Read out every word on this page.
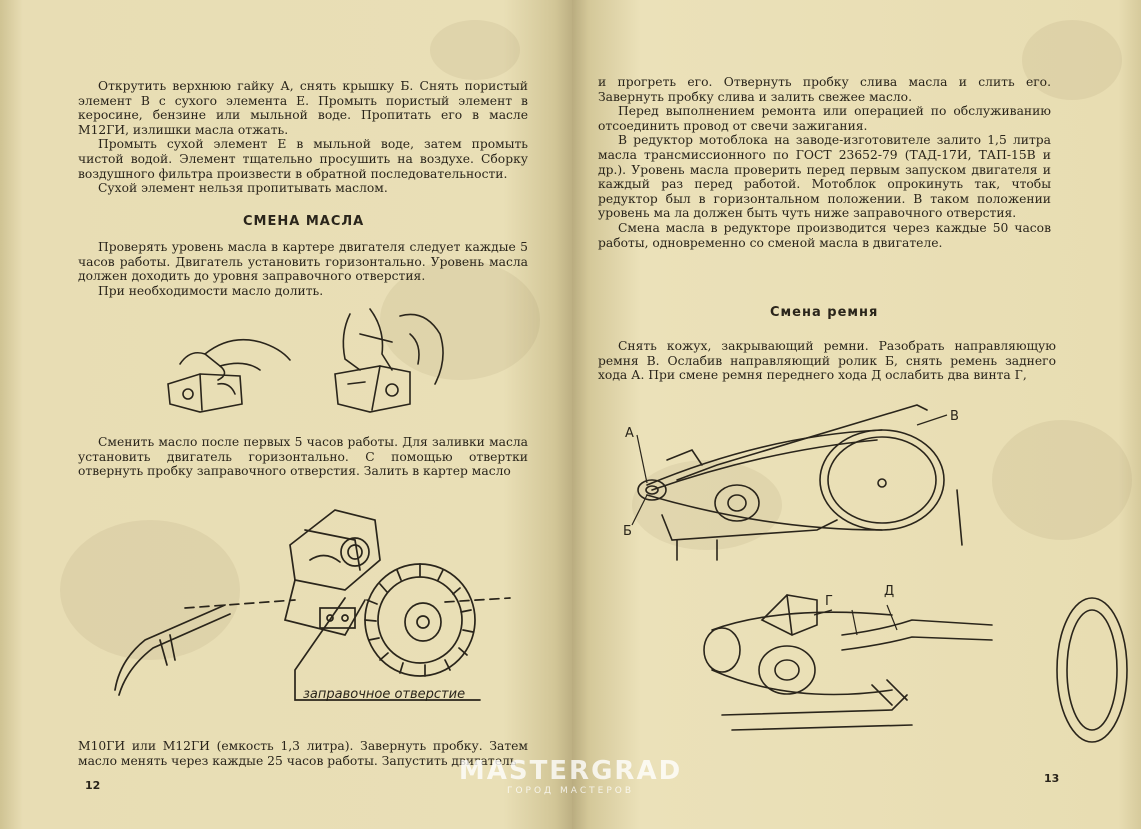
Открутить верхнюю гайку А, снять крышку Б. Снять пористый элемент В с сухого элемента Е. Промыть пористый элемент в керосине, бензине или мыльной воде. Пропитать его в масле М12ГИ, излишки масла отжать.

Промыть сухой элемент Е в мыльной воде, затем промыть чистой водой. Элемент тщательно просушить на воздухе. Сборку воздушного фильтра произвести в обратной последовательности.

Сухой элемент нельзя пропитывать маслом.

СМЕНА МАСЛА

Проверять уровень масла в картере двигателя следует каждые 5 часов работы. Двигатель установить горизонтально. Уровень масла должен доходить до уровня заправочного отверстия.

При необходимости масло долить.

Сменить масло после первых 5 часов работы. Для заливки масла установить двигатель горизонтально. С помощью отвертки отвернуть пробку заправочного отверстия. Залить в картер масло

заправочное отверстие

М10ГИ или М12ГИ (емкость 1,3 литра). Завернуть пробку. Затем масло менять через каждые 25 часов работы. Запустить двигатель

12

и прогреть его. Отвернуть пробку слива масла и слить его. Завернуть пробку слива и залить свежее масло.

Перед выполнением ремонта или операцией по обслуживанию отсоединить провод от свечи зажигания.

В редуктор мотоблока на заводе-изготовителе залито 1,5 литра масла трансмиссионного по ГОСТ 23652-79 (ТАД-17И, ТАП-15В и др.). Уровень масла проверить перед первым запуском двигателя и каждый раз перед работой. Мотоблок опрокинуть так, чтобы редуктор был в горизонтальном положении. В таком положении уровень ма ла должен быть чуть ниже заправочного отверстия.

Смена масла в редукторе производится через каждые 50 часов работы, одновременно со сменой масла в двигателе.

Смена ремня

Снять кожух, закрывающий ремни. Разобрать направляющую ремня В. Ослабив направляющий ролик Б, снять ремень заднего хода А. При смене ремня переднего хода Д ослабить два винта Г,

А
Б
В
Г
Д
13
MASTERGRAD
ГОРОД МАСТЕРОВ
